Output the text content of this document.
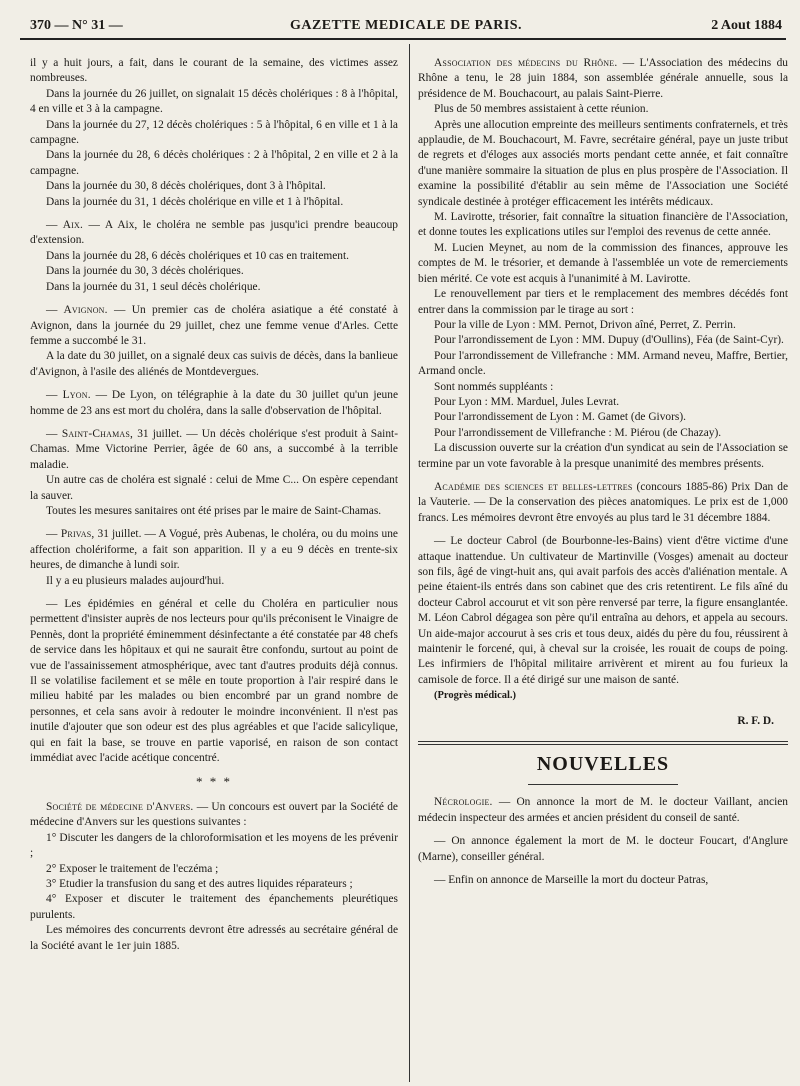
370 — N° 31 —	GAZETTE MEDICALE DE PARIS.	2 Aout 1884

il y a huit jours, a fait, dans le courant de la semaine, des victimes assez nombreuses.

Dans la journée du 26 juillet, on signalait 15 décès cholériques : 8 à l'hôpital, 4 en ville et 3 à la campagne.

Dans la journée du 27, 12 décès cholériques : 5 à l'hôpital, 6 en ville et 1 à la campagne.

Dans la journée du 28, 6 décès cholériques : 2 à l'hôpital, 2 en ville et 2 à la campagne.

Dans la journée du 30, 8 décès cholériques, dont 3 à l'hôpital.

Dans la journée du 31, 1 décès cholérique en ville et 1 à l'hôpital.

— Aix. — A Aix, le choléra ne semble pas jusqu'ici prendre beaucoup d'extension.

Dans la journée du 28, 6 décès cholériques et 10 cas en traitement.

Dans la journée du 30, 3 décès cholériques.

Dans la journée du 31, 1 seul décès cholérique.

— Avignon. — Un premier cas de choléra asiatique a été constaté à Avignon, dans la journée du 29 juillet, chez une femme venue d'Arles. Cette femme a succombé le 31.

A la date du 30 juillet, on a signalé deux cas suivis de décès, dans la banlieue d'Avignon, à l'asile des aliénés de Montdevergues.

— Lyon. — De Lyon, on télégraphie à la date du 30 juillet qu'un jeune homme de 23 ans est mort du choléra, dans la salle d'observation de l'hôpital.

— Saint-Chamas, 31 juillet. — Un décès cholérique s'est produit à Saint-Chamas. Mme Victorine Perrier, âgée de 60 ans, a succombé à la terrible maladie.

Un autre cas de choléra est signalé : celui de Mme C... On espère cependant la sauver.

Toutes les mesures sanitaires ont été prises par le maire de Saint-Chamas.

— Privas, 31 juillet. — A Vogué, près Aubenas, le choléra, ou du moins une affection cholériforme, a fait son apparition. Il y a eu 9 décès en trente-six heures, de dimanche à lundi soir.

Il y a eu plusieurs malades aujourd'hui.

— Les épidémies en général et celle du Choléra en particulier nous permettent d'insister auprès de nos lecteurs pour qu'ils préconisent le Vinaigre de Pennès, dont la propriété éminemment désinfectante a été constatée par 48 chefs de service dans les hôpitaux et qui ne saurait être confondu, surtout au point de vue de l'assainissement atmosphérique, avec tant d'autres produits déjà connus. Il se volatilise facilement et se mêle en toute proportion à l'air respiré dans le milieu habité par les malades ou bien encombré par un grand nombre de personnes, et cela sans avoir à redouter le moindre inconvénient. Il n'est pas inutile d'ajouter que son odeur est des plus agréables et que l'acide salicylique, qui en fait la base, se trouve en partie vaporisé, en raison de son contact immédiat avec l'acide acétique concentré.

* * *

Société de médecine d'Anvers. — Un concours est ouvert par la Société de médecine d'Anvers sur les questions suivantes :

1° Discuter les dangers de la chloroformisation et les moyens de les prévenir ;

2° Exposer le traitement de l'eczéma ;

3° Etudier la transfusion du sang et des autres liquides réparateurs ;

4° Exposer et discuter le traitement des épanchements pleurétiques purulents.

Les mémoires des concurrents devront être adressés au secrétaire général de la Société avant le 1er juin 1885.

Association des médecins du Rhône. — L'Association des médecins du Rhône a tenu, le 28 juin 1884, son assemblée générale annuelle, sous la présidence de M. Bouchacourt, au palais Saint-Pierre.

Plus de 50 membres assistaient à cette réunion.

Après une allocution empreinte des meilleurs sentiments confraternels, et très applaudie, de M. Bouchacourt, M. Favre, secrétaire général, paye un juste tribut de regrets et d'éloges aux associés morts pendant cette année, et fait connaître d'une manière sommaire la situation de plus en plus prospère de l'Association. Il examine la possibilité d'établir au sein même de l'Association une Société syndicale destinée à protéger efficacement les intérêts médicaux.

M. Lavirotte, trésorier, fait connaître la situation financière de l'Association, et donne toutes les explications utiles sur l'emploi des revenus de cette année.

M. Lucien Meynet, au nom de la commission des finances, approuve les comptes de M. le trésorier, et demande à l'assemblée un vote de remerciements bien mérité. Ce vote est acquis à l'unanimité à M. Lavirotte.

Le renouvellement par tiers et le remplacement des membres décédés font entrer dans la commission par le tirage au sort :

Pour la ville de Lyon : MM. Pernot, Drivon aîné, Perret, Z. Perrin.

Pour l'arrondissement de Lyon : MM. Dupuy (d'Oullins), Féa (de Saint-Cyr).

Pour l'arrondissement de Villefranche : MM. Armand neveu, Maffre, Bertier, Armand oncle.

Sont nommés suppléants :

Pour Lyon : MM. Marduel, Jules Levrat.

Pour l'arrondissement de Lyon : M. Gamet (de Givors).

Pour l'arrondissement de Villefranche : M. Piérou (de Chazay).

La discussion ouverte sur la création d'un syndicat au sein de l'Association se termine par un vote favorable à la presque unanimité des membres présents.

Académie des sciences et belles-lettres (concours 1885-86) Prix Dan de la Vauterie. — De la conservation des pièces anatomiques. Le prix est de 1,000 francs. Les mémoires devront être envoyés au plus tard le 31 décembre 1884.

— Le docteur Cabrol (de Bourbonne-les-Bains) vient d'être victime d'une attaque inattendue. Un cultivateur de Martinville (Vosges) amenait au docteur son fils, âgé de vingt-huit ans, qui avait parfois des accès d'aliénation mentale. A peine étaient-ils entrés dans son cabinet que des cris retentirent. Le fils aîné du docteur Cabrol accourut et vit son père renversé par terre, la figure ensanglantée. M. Léon Cabrol dégagea son père qu'il entraîna au dehors, et appela au secours. Un aide-major accourut à ses cris et tous deux, aidés du père du fou, réussirent à maintenir le forcené, qui, à cheval sur la croisée, les rouait de coups de poing. Les infirmiers de l'hôpital militaire arrivèrent et mirent au fou furieux la camisole de force. Il a été dirigé sur une maison de santé.

(Progrès médical.)

R. F. D.
NOUVELLES

Nécrologie. — On annonce la mort de M. le docteur Vaillant, ancien médecin inspecteur des armées et ancien président du conseil de santé.

— On annonce également la mort de M. le docteur Foucart, d'Anglure (Marne), conseiller général.

— Enfin on annonce de Marseille la mort du docteur Patras,
